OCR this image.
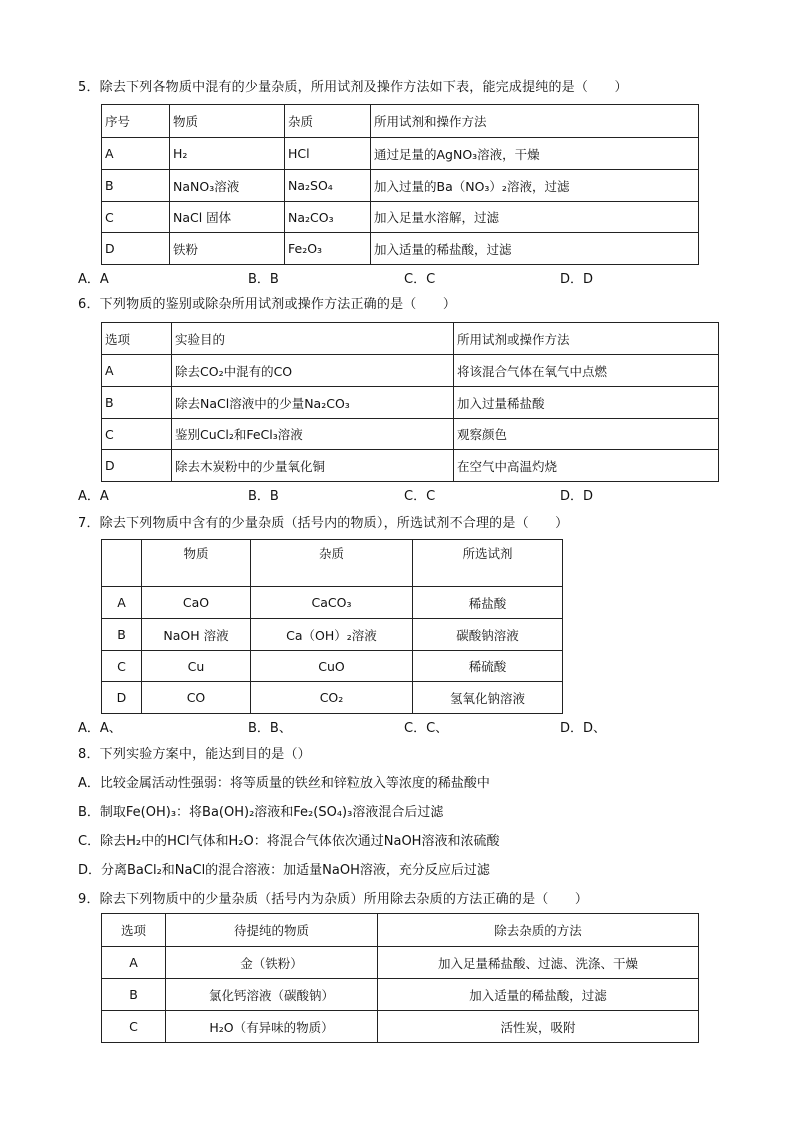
5．除去下列各物质中混有的少量杂质，所用试剂及操作方法如下表，能完成提纯的是（　　）
序号	物质	杂质	所用试剂和操作方法
A	H₂	HCl	通过足量的AgNO₃溶液，干燥
B	NaNO₃溶液	Na₂SO₄	加入过量的Ba（NO₃）₂溶液，过滤
C	NaCl 固体	Na₂CO₃	加入足量水溶解，过滤
D	铁粉	Fe₂O₃	加入适量的稀盐酸，过滤
A．A	B．B	C．C	D．D
6．下列物质的鉴别或除杂所用试剂或操作方法正确的是（　　）
选项	实验目的	所用试剂或操作方法
A	除去CO₂中混有的CO	将该混合气体在氧气中点燃
B	除去NaCl溶液中的少量Na₂CO₃	加入过量稀盐酸
C	鉴别CuCl₂和FeCl₃溶液	观察颜色
D	除去木炭粉中的少量氧化铜	在空气中高温灼烧
A．A	B．B	C．C	D．D
7．除去下列物质中含有的少量杂质（括号内的物质），所选试剂不合理的是（　　）
	物质	杂质	所选试剂
A	CaO	CaCO₃	稀盐酸
B	NaOH 溶液	Ca（OH）₂溶液	碳酸钠溶液
C	Cu	CuO	稀硫酸
D	CO	CO₂	氢氧化钠溶液
A．A、	B．B、	C．C、	D．D、
8．下列实验方案中，能达到目的是（）
A．比较金属活动性强弱：将等质量的铁丝和锌粒放入等浓度的稀盐酸中
B．制取Fe(OH)₃：将Ba(OH)₂溶液和Fe₂(SO₄)₃溶液混合后过滤
C．除去H₂中的HCl气体和H₂O：将混合气体依次通过NaOH溶液和浓硫酸
D．分离BaCl₂和NaCl的混合溶液：加适量NaOH溶液，充分反应后过滤
9．除去下列物质中的少量杂质（括号内为杂质）所用除去杂质的方法正确的是（　　）
选项	待提纯的物质	除去杂质的方法
A	金（铁粉）	加入足量稀盐酸、过滤、洗涤、干燥
B	氯化钙溶液（碳酸钠）	加入适量的稀盐酸，过滤
C	H₂O（有异味的物质）	活性炭，吸附
